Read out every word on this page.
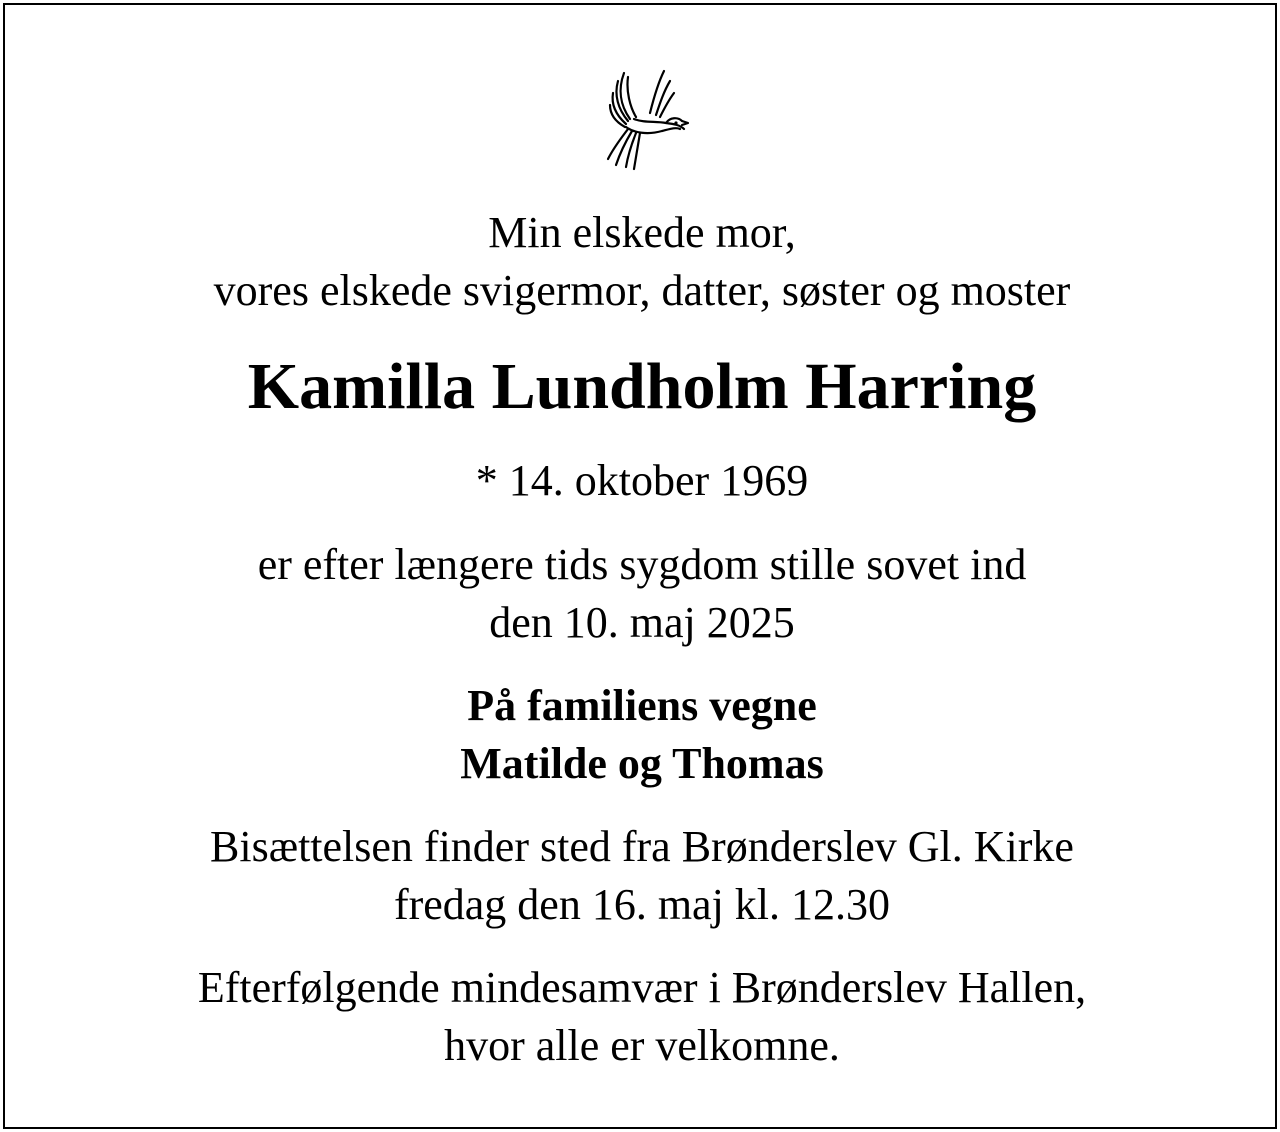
Min elskede mor,
vores elskede svigermor, datter, søster og moster
Kamilla Lundholm Harring
* 14. oktober 1969
er efter længere tids sygdom stille sovet ind
den 10. maj 2025
På familiens vegne
Matilde og Thomas
Bisættelsen finder sted fra Brønderslev Gl. Kirke
fredag den 16. maj kl. 12.30
Efterfølgende mindesamvær i Brønderslev Hallen,
hvor alle er velkomne.
